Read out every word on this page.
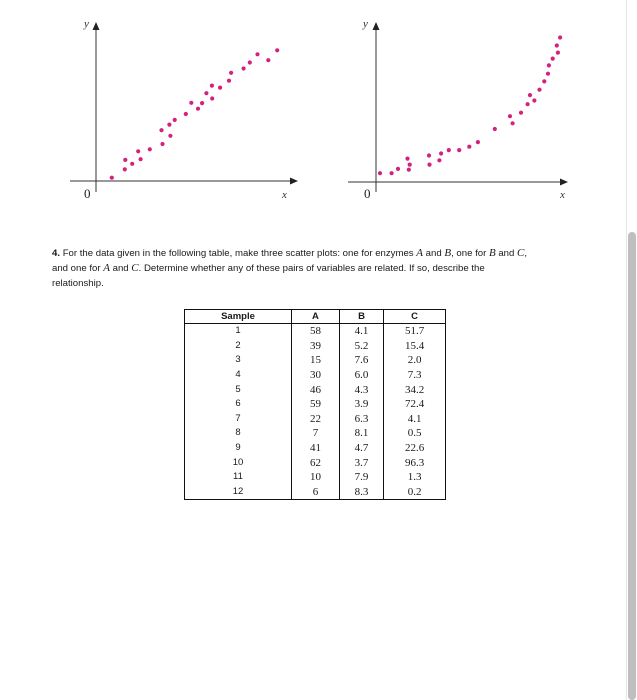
y
x
0
y
x
0
4. For the data given in the following table, make three scatter plots: one for enzymes A and B, one for B and C,
and one for A and C. Determine whether any of these pairs of variables are related. If so, describe the
relationship.
Sample	A	B	C
1	58	4.1	51.7
2	39	5.2	15.4
3	15	7.6	2.0
4	30	6.0	7.3
5	46	4.3	34.2
6	59	3.9	72.4
7	22	6.3	4.1
8	7	8.1	0.5
9	41	4.7	22.6
10	62	3.7	96.3
11	10	7.9	1.3
12	6	8.3	0.2
